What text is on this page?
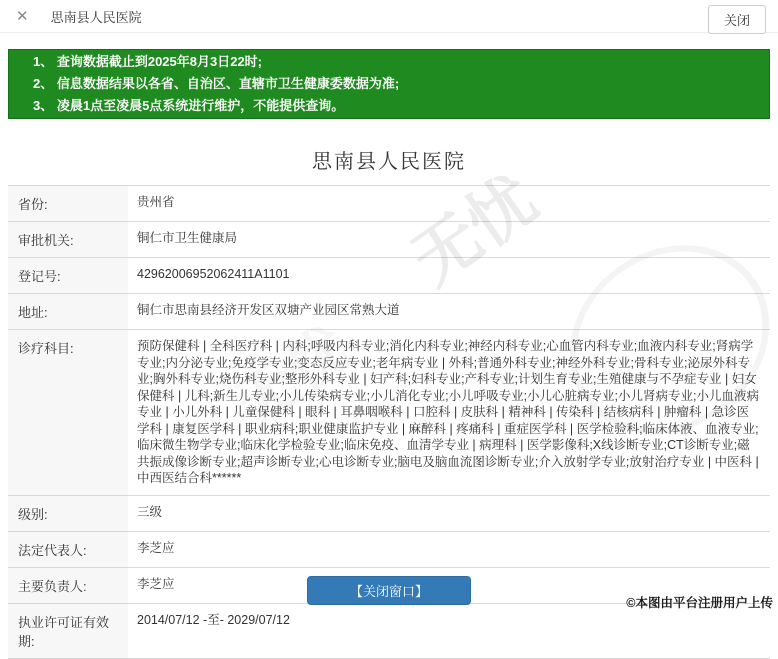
✕ 思南县人民医院	关闭
1、 查询数据截止到2025年8月3日22时;
2、 信息数据结果以各省、自治区、直辖市卫生健康委数据为准;
3、 凌晨1点至凌晨5点系统进行维护，不能提供查询。
思南县人民医院
省份:	贵州省
审批机关:	铜仁市卫生健康局
登记号:	42962006952062411A1101
地址:	铜仁市思南县经济开发区双塘产业园区常熟大道
诊疗科目:	预防保健科 | 全科医疗科 | 内科;呼吸内科专业;消化内科专业;神经内科专业;心血管内科专业;血液内科专业;肾病学专业;内分泌专业;免疫学专业;变态反应专业;老年病专业 | 外科;普通外科专业;神经外科专业;骨科专业;泌尿外科专业;胸外科专业;烧伤科专业;整形外科专业 | 妇产科;妇科专业;产科专业;计划生育专业;生殖健康与不孕症专业 | 妇女保健科 | 儿科;新生儿专业;小儿传染病专业;小儿消化专业;小儿呼吸专业;小儿心脏病专业;小儿肾病专业;小儿血液病专业 | 小儿外科 | 儿童保健科 | 眼科 | 耳鼻咽喉科 | 口腔科 | 皮肤科 | 精神科 | 传染科 | 结核病科 | 肿瘤科 | 急诊医学科 | 康复医学科 | 职业病科;职业健康监护专业 | 麻醉科 | 疼痛科 | 重症医学科 | 医学检验科;临床体液、血液专业;临床微生物学专业;临床化学检验专业;临床免疫、血清学专业 | 病理科 | 医学影像科;X线诊断专业;CT诊断专业;磁共振成像诊断专业;超声诊断专业;心电诊断专业;脑电及脑血流图诊断专业;介入放射学专业;放射治疗专业 | 中医科 | 中西医结合科******
级别:	三级
法定代表人:	李芝应
主要负责人:	李芝应
执业许可证有效期:
2014/07/12 -至- 2029/07/12
【关闭窗口】
©本图由平台注册用户上传
无忧
无忧
